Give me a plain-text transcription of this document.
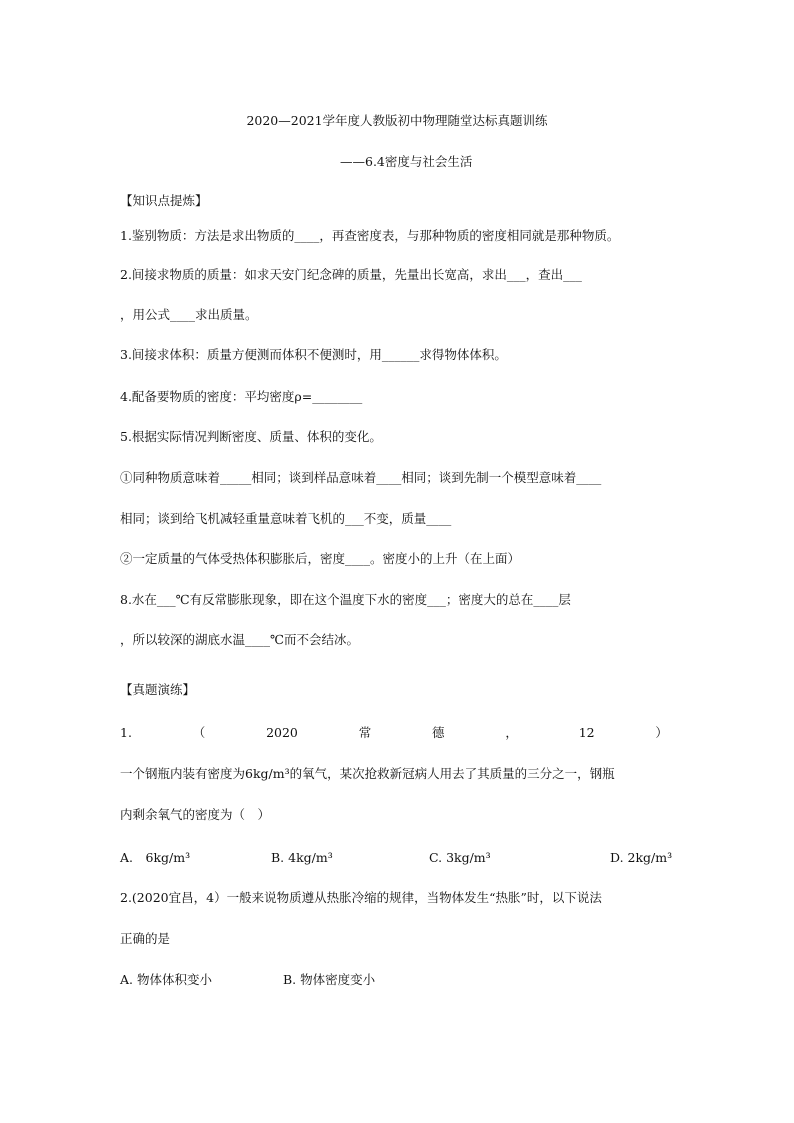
2020—2021学年度人教版初中物理随堂达标真题训练
——6.4密度与社会生活
【知识点提炼】
1.鉴别物质：方法是求出物质的____，再查密度表，与那种物质的密度相同就是那种物质。
2.间接求物质的质量：如求天安门纪念碑的质量，先量出长宽高，求出___，查出___
，用公式____求出质量。
3.间接求体积：质量方便测而体积不便测时，用______求得物体体积。
4.配备要物质的密度：平均密度ρ=________
5.根据实际情况判断密度、质量、体积的变化。
①同种物质意味着_____相同；谈到样品意味着____相同；谈到先制一个模型意味着____
相同；谈到给飞机减轻重量意味着飞机的___不变，质量____
②一定质量的气体受热体积膨胀后，密度____。密度小的上升（在上面）
8.水在___℃有反常膨胀现象，即在这个温度下水的密度___；密度大的总在____层
，所以较深的湖底水温____℃而不会结冰。
【真题演练】
1.	（	2020	常	德	，	12	）
一个钢瓶内装有密度为6kg/m³的氧气，某次抢救新冠病人用去了其质量的三分之一，钢瓶
内剩余氧气的密度为（　）
A.　6kg/m³	B. 4kg/m³	C. 3kg/m³	D. 2kg/m³
2.(2020宜昌，4）一般来说物质遵从热胀冷缩的规律，当物体发生“热胀”时，以下说法
正确的是
A. 物体体积变小	B. 物体密度变小
